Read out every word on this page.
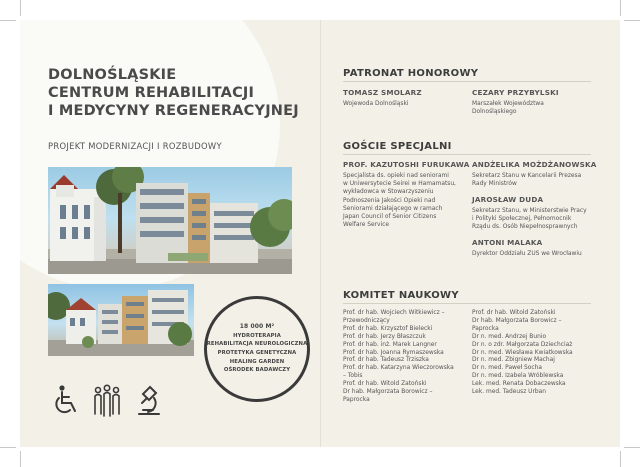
DOLNOŚLĄSKIE
CENTRUM REHABILITACJI
I MEDYCYNY REGENERACYJNEJ
PROJEKT MODERNIZACJI I ROZBUDOWY
18 000 M²
HYDROTERAPIA
REHABILITACJA NEUROLOGICZNA
PROTETYKA GENETYCZNA
HEALING GARDEN
OŚRODEK BADAWCZY
PATRONAT HONOROWY
TOMASZ SMOLARZ
Wojewoda Dolnośląski
CEZARY PRZYBYLSKI
Marszałek Województwa
Dolnośląskiego
GOŚCIE SPECJALNI
PROF. KAZUTOSHI FURUKAWA
Specjalista ds. opieki nad seniorami
w Uniwersytecie Seirei w Hamamatsu,
wykładowca w Stowarzyszeniu
Podnoszenia Jakości Opieki nad
Seniorami działającego w ramach
Japan Council of Senior Citizens
Welfare Service
ANDŻELIKA MOŻDŻANOWSKA
Sekretarz Stanu w Kancelarii Prezesa
Rady Ministrów
JAROSŁAW DUDA
Sekretarz Stanu, w Ministerstwie Pracy
i Polityki Społecznej, Pełnomocnik
Rządu ds. Osób Niepełnosprawnych
ANTONI MALAKA
Dyrektor Oddziału ZUS we Wrocławiu
KOMITET NAUKOWY
Prof. dr hab. Wojciech Witkiewicz –
Przewodniczący
Prof. dr hab. Krzysztof Bielecki
Prof. dr hab. Jerzy Błaszczuk
Prof. dr hab. inż. Marek Langner
Prof. dr hab. Joanna Rymaszewska
Prof. dr hab. Tadeusz Trziszka
Prof. dr hab. Katarzyna Wieczorowska
– Tobis
Prof. dr hab. Witold Zatoński
Dr hab. Małgorzata Borowicz –
Paprocka
Prof. dr hab. Witold Zatoński
Dr hab. Małgorzata Borowicz –
Paprocka
Dr n. med. Andrzej Bunio
Dr n. o zdr. Małgorzata Dziechciaż
Dr n. med. Wiesława Kwiatkowska
Dr n. med. Zbigniew Machaj
Dr n. med. Paweł Socha
Dr n. med. Izabela Wróblewska
Lek. med. Renata Dobaczewska
Lek. med. Tadeusz Urban
